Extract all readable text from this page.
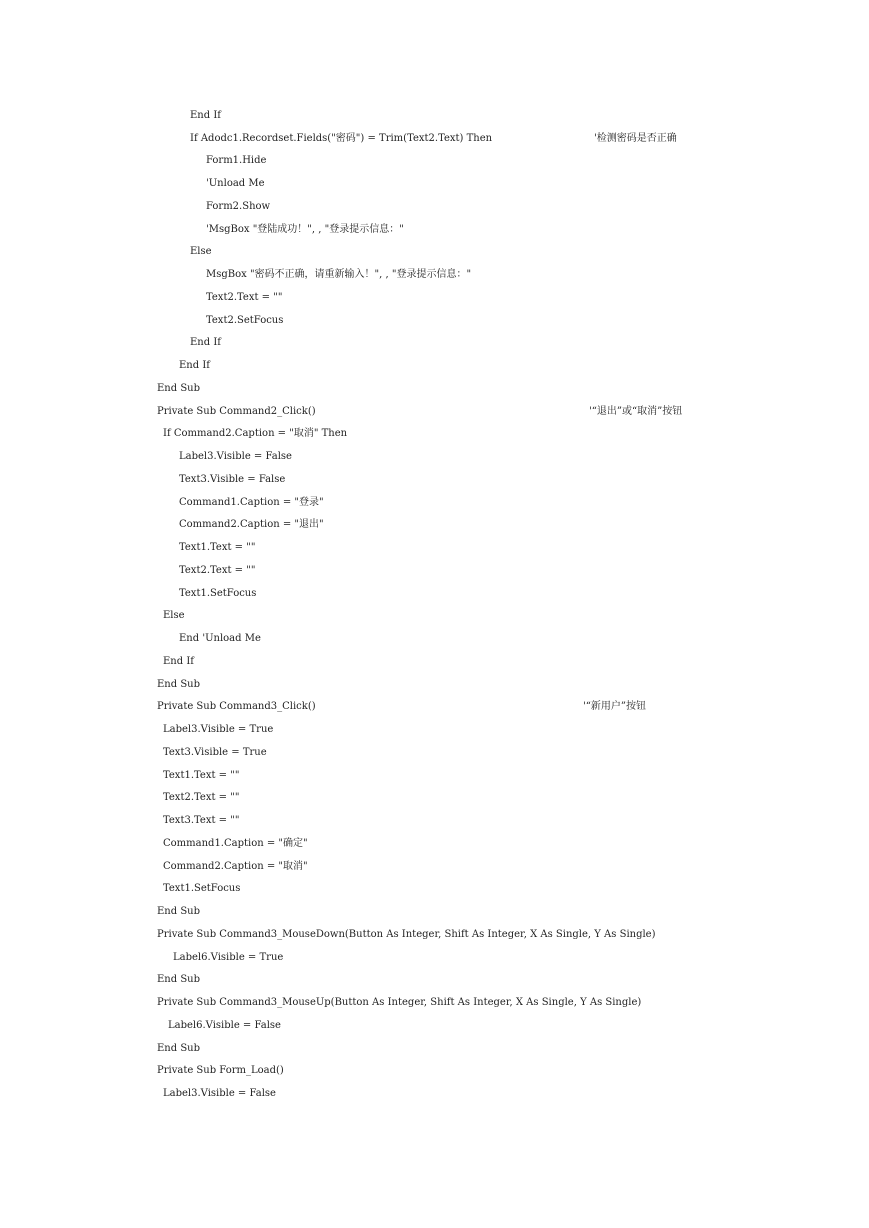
End If
If Adodc1.Recordset.Fields("密码") = Trim(Text2.Text) Then	'检测密码是否正确
Form1.Hide
'Unload Me
Form2.Show
'MsgBox "登陆成功！", , "登录提示信息："
Else
MsgBox "密码不正确，请重新输入！", , "登录提示信息："
Text2.Text = ""
Text2.SetFocus
End If
End If
End Sub
Private Sub Command2_Click()	'“退出”或“取消”按钮
If Command2.Caption = "取消" Then
Label3.Visible = False
Text3.Visible = False
Command1.Caption = "登录"
Command2.Caption = "退出"
Text1.Text = ""
Text2.Text = ""
Text1.SetFocus
Else
End 'Unload Me
End If
End Sub
Private Sub Command3_Click()	'“新用户”按钮
Label3.Visible = True
Text3.Visible = True
Text1.Text = ""
Text2.Text = ""
Text3.Text = ""
Command1.Caption = "确定"
Command2.Caption = "取消"
Text1.SetFocus
End Sub
Private Sub Command3_MouseDown(Button As Integer, Shift As Integer, X As Single, Y As Single)
Label6.Visible = True
End Sub
Private Sub Command3_MouseUp(Button As Integer, Shift As Integer, X As Single, Y As Single)
Label6.Visible = False
End Sub
Private Sub Form_Load()
Label3.Visible = False
